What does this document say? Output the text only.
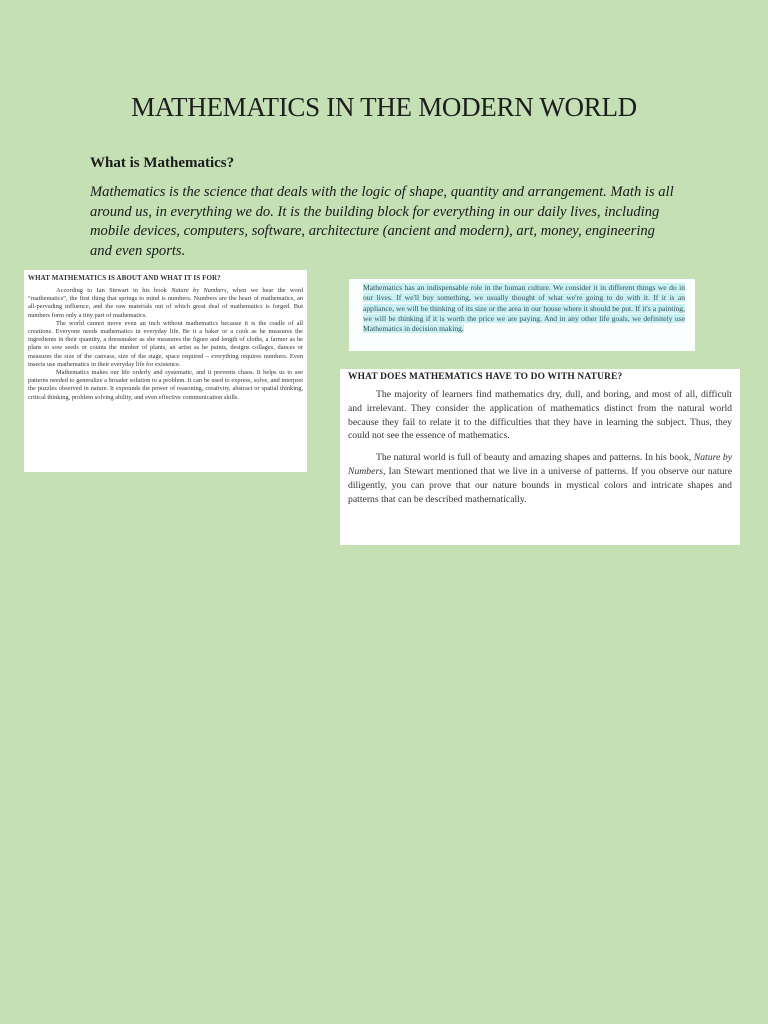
MATHEMATICS IN THE MODERN WORLD
What is Mathematics?

Mathematics is the science that deals with the logic of shape, quantity and arrangement. Math is all around us, in everything we do. It is the building block for everything in our daily lives, including mobile devices, computers, software, architecture (ancient and modern), art, money, engineering and even sports.

WHAT MATHEMATICS IS ABOUT AND WHAT IT IS FOR?

According to Ian Stewart in his book Nature by Numbers, when we hear the word “mathematics”, the first thing that springs to mind is numbers. Numbers are the heart of mathematics, an all-pervading influence, and the raw materials out of which great deal of mathematics is forged. But numbers form only a tiny part of mathematics.

The world cannot move even an inch without mathematics because it is the cradle of all creations. Everyone needs mathematics in everyday life. Be it a baker or a cook as he measures the ingredients in their quantity, a dressmaker as she measures the figure and length of cloths, a farmer as he plans to sow seeds or counts the number of plants, an artist as he paints, designs collages, dances or measures the size of the canvass, size of the stage, space required – everything requires numbers. Even insects use mathematics in their everyday life for existence.

Mathematics makes our life orderly and systematic, and it prevents chaos. It helps us to see patterns needed to generalize a broader solution to a problem. It can be used to express, solve, and interpret the puzzles observed in nature. It expounds the power of reasoning, creativity, abstract or spatial thinking, critical thinking, problem solving ability, and even effective communication skills.

Mathematics has an indispensable role in the human culture. We consider it in different things we do in our lives. If we'll buy something, we usually thought of what we're going to do with it. If it is an appliance, we will be thinking of its size or the area in our house where it should be put. If it's a painting, we will be thinking if it is worth the price we are paying. And in any other life goals, we definitely use Mathematics in decision making.

WHAT DOES MATHEMATICS HAVE TO DO WITH NATURE?

The majority of learners find mathematics dry, dull, and boring, and most of all, difficult and irrelevant. They consider the application of mathematics distinct from the natural world because they fail to relate it to the difficulties that they have in learning the subject. Thus, they could not see the essence of mathematics.

The natural world is full of beauty and amazing shapes and patterns. In his book, Nature by Numbers, Ian Stewart mentioned that we live in a universe of patterns. If you observe our nature diligently, you can prove that our nature bounds in mystical colors and intricate shapes and patterns that can be described mathematically.
